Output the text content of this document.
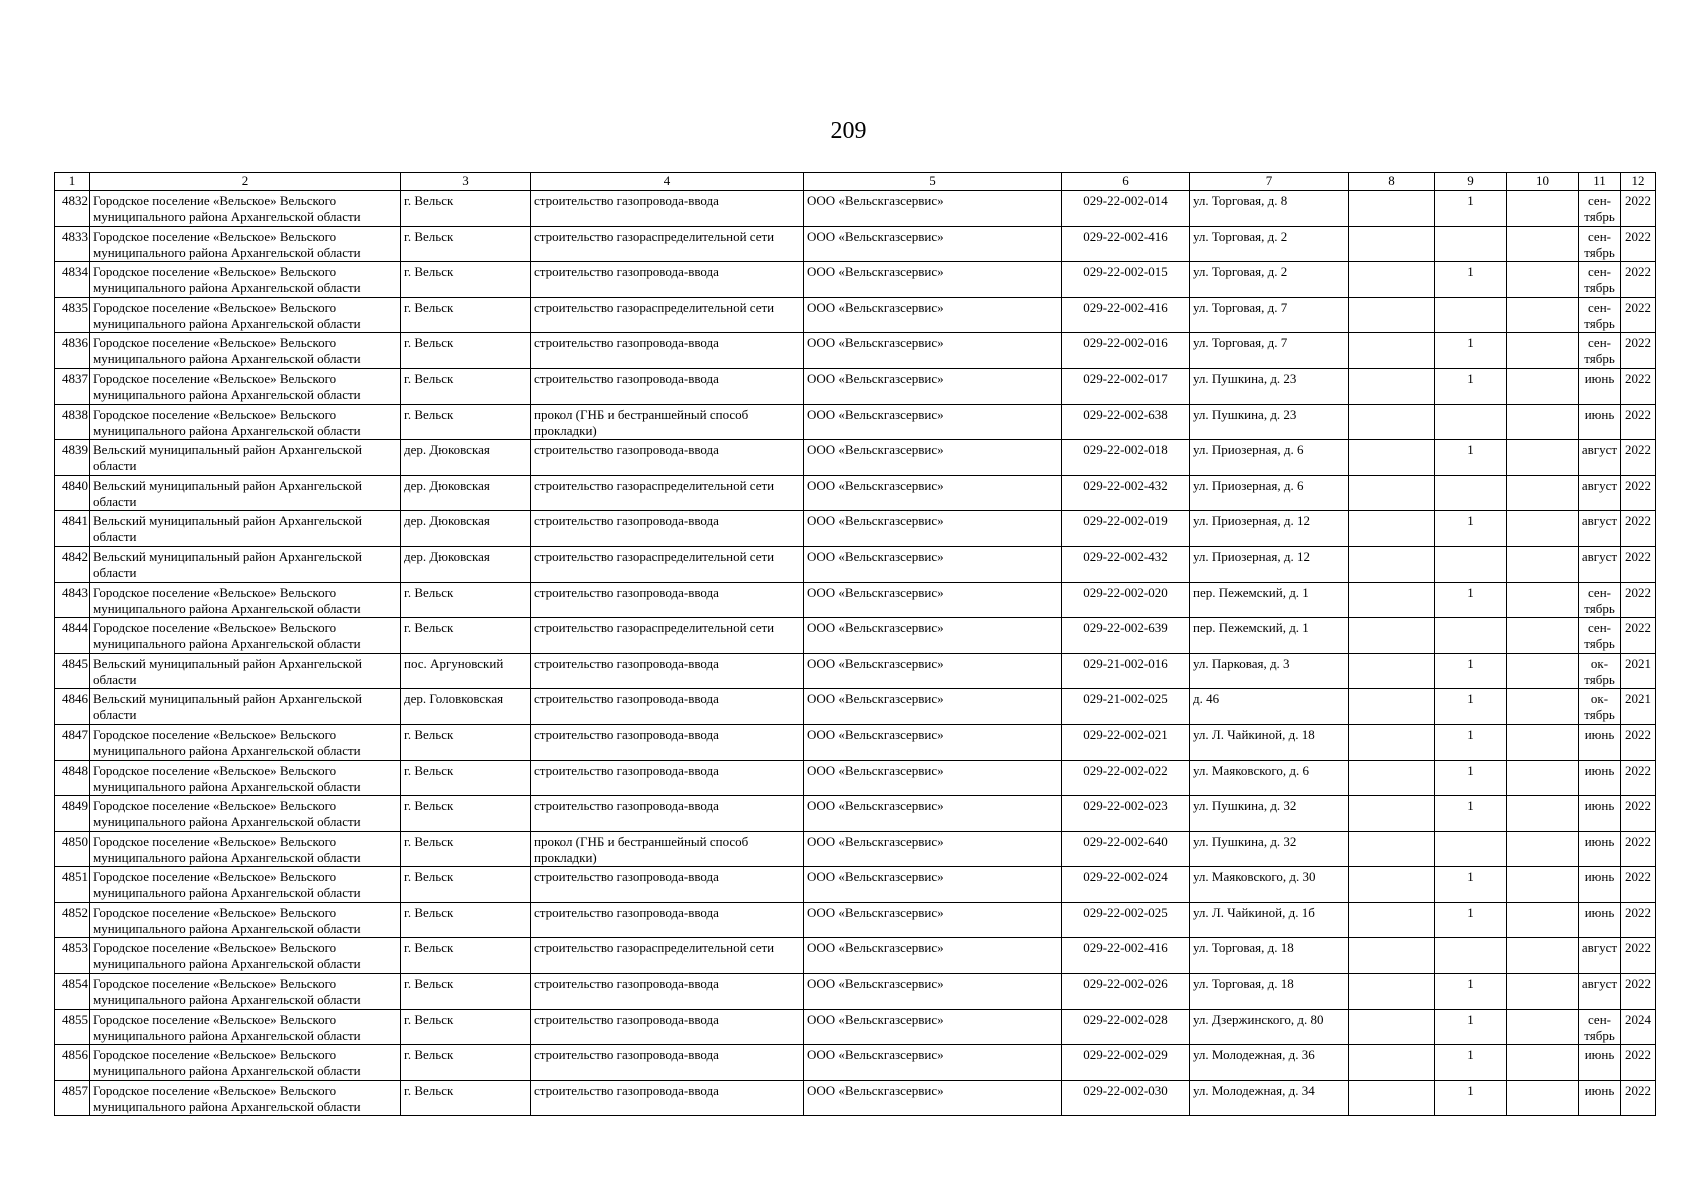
209
1	2	3	4	5	6	7	8	9	10	11	12
4832	Городское поселение «Вельское» Вельского муниципального района Архангельской области	г. Вельск	строительство газопровода-ввода	ООО «Вельскгазсервис»	029-22-002-014	ул. Торговая, д. 8		1		сен-тябрь	2022
4833	Городское поселение «Вельское» Вельского муниципального района Архангельской области	г. Вельск	строительство газораспределительной сети	ООО «Вельскгазсервис»	029-22-002-416	ул. Торговая, д. 2				сен-тябрь	2022
4834	Городское поселение «Вельское» Вельского муниципального района Архангельской области	г. Вельск	строительство газопровода-ввода	ООО «Вельскгазсервис»	029-22-002-015	ул. Торговая, д. 2		1		сен-тябрь	2022
4835	Городское поселение «Вельское» Вельского муниципального района Архангельской области	г. Вельск	строительство газораспределительной сети	ООО «Вельскгазсервис»	029-22-002-416	ул. Торговая, д. 7				сен-тябрь	2022
4836	Городское поселение «Вельское» Вельского муниципального района Архангельской области	г. Вельск	строительство газопровода-ввода	ООО «Вельскгазсервис»	029-22-002-016	ул. Торговая, д. 7		1		сен-тябрь	2022
4837	Городское поселение «Вельское» Вельского муниципального района Архангельской области	г. Вельск	строительство газопровода-ввода	ООО «Вельскгазсервис»	029-22-002-017	ул. Пушкина, д. 23		1		июнь	2022
4838	Городское поселение «Вельское» Вельского муниципального района Архангельской области	г. Вельск	прокол (ГНБ и бестраншейный способ прокладки)	ООО «Вельскгазсервис»	029-22-002-638	ул. Пушкина, д. 23				июнь	2022
4839	Вельский муниципальный район Архангельской области	дер. Дюковская	строительство газопровода-ввода	ООО «Вельскгазсервис»	029-22-002-018	ул. Приозерная, д. 6		1		август	2022
4840	Вельский муниципальный район Архангельской области	дер. Дюковская	строительство газораспределительной сети	ООО «Вельскгазсервис»	029-22-002-432	ул. Приозерная, д. 6				август	2022
4841	Вельский муниципальный район Архангельской области	дер. Дюковская	строительство газопровода-ввода	ООО «Вельскгазсервис»	029-22-002-019	ул. Приозерная, д. 12		1		август	2022
4842	Вельский муниципальный район Архангельской области	дер. Дюковская	строительство газораспределительной сети	ООО «Вельскгазсервис»	029-22-002-432	ул. Приозерная, д. 12				август	2022
4843	Городское поселение «Вельское» Вельского муниципального района Архангельской области	г. Вельск	строительство газопровода-ввода	ООО «Вельскгазсервис»	029-22-002-020	пер. Пежемский, д. 1		1		сен-тябрь	2022
4844	Городское поселение «Вельское» Вельского муниципального района Архангельской области	г. Вельск	строительство газораспределительной сети	ООО «Вельскгазсервис»	029-22-002-639	пер. Пежемский, д. 1				сен-тябрь	2022
4845	Вельский муниципальный район Архангельской области	пос. Аргуновский	строительство газопровода-ввода	ООО «Вельскгазсервис»	029-21-002-016	ул. Парковая, д. 3		1		ок-тябрь	2021
4846	Вельский муниципальный район Архангельской области	дер. Головковская	строительство газопровода-ввода	ООО «Вельскгазсервис»	029-21-002-025	д. 46		1		ок-тябрь	2021
4847	Городское поселение «Вельское» Вельского муниципального района Архангельской области	г. Вельск	строительство газопровода-ввода	ООО «Вельскгазсервис»	029-22-002-021	ул. Л. Чайкиной, д. 18		1		июнь	2022
4848	Городское поселение «Вельское» Вельского муниципального района Архангельской области	г. Вельск	строительство газопровода-ввода	ООО «Вельскгазсервис»	029-22-002-022	ул. Маяковского, д. 6		1		июнь	2022
4849	Городское поселение «Вельское» Вельского муниципального района Архангельской области	г. Вельск	строительство газопровода-ввода	ООО «Вельскгазсервис»	029-22-002-023	ул. Пушкина, д. 32		1		июнь	2022
4850	Городское поселение «Вельское» Вельского муниципального района Архангельской области	г. Вельск	прокол (ГНБ и бестраншейный способ прокладки)	ООО «Вельскгазсервис»	029-22-002-640	ул. Пушкина, д. 32				июнь	2022
4851	Городское поселение «Вельское» Вельского муниципального района Архангельской области	г. Вельск	строительство газопровода-ввода	ООО «Вельскгазсервис»	029-22-002-024	ул. Маяковского, д. 30		1		июнь	2022
4852	Городское поселение «Вельское» Вельского муниципального района Архангельской области	г. Вельск	строительство газопровода-ввода	ООО «Вельскгазсервис»	029-22-002-025	ул. Л. Чайкиной, д. 1б		1		июнь	2022
4853	Городское поселение «Вельское» Вельского муниципального района Архангельской области	г. Вельск	строительство газораспределительной сети	ООО «Вельскгазсервис»	029-22-002-416	ул. Торговая, д. 18				август	2022
4854	Городское поселение «Вельское» Вельского муниципального района Архангельской области	г. Вельск	строительство газопровода-ввода	ООО «Вельскгазсервис»	029-22-002-026	ул. Торговая, д. 18		1		август	2022
4855	Городское поселение «Вельское» Вельского муниципального района Архангельской области	г. Вельск	строительство газопровода-ввода	ООО «Вельскгазсервис»	029-22-002-028	ул. Дзержинского, д. 80		1		сен-тябрь	2024
4856	Городское поселение «Вельское» Вельского муниципального района Архангельской области	г. Вельск	строительство газопровода-ввода	ООО «Вельскгазсервис»	029-22-002-029	ул. Молодежная, д. 36		1		июнь	2022
4857	Городское поселение «Вельское» Вельского муниципального района Архангельской области	г. Вельск	строительство газопровода-ввода	ООО «Вельскгазсервис»	029-22-002-030	ул. Молодежная, д. 34		1		июнь	2022
